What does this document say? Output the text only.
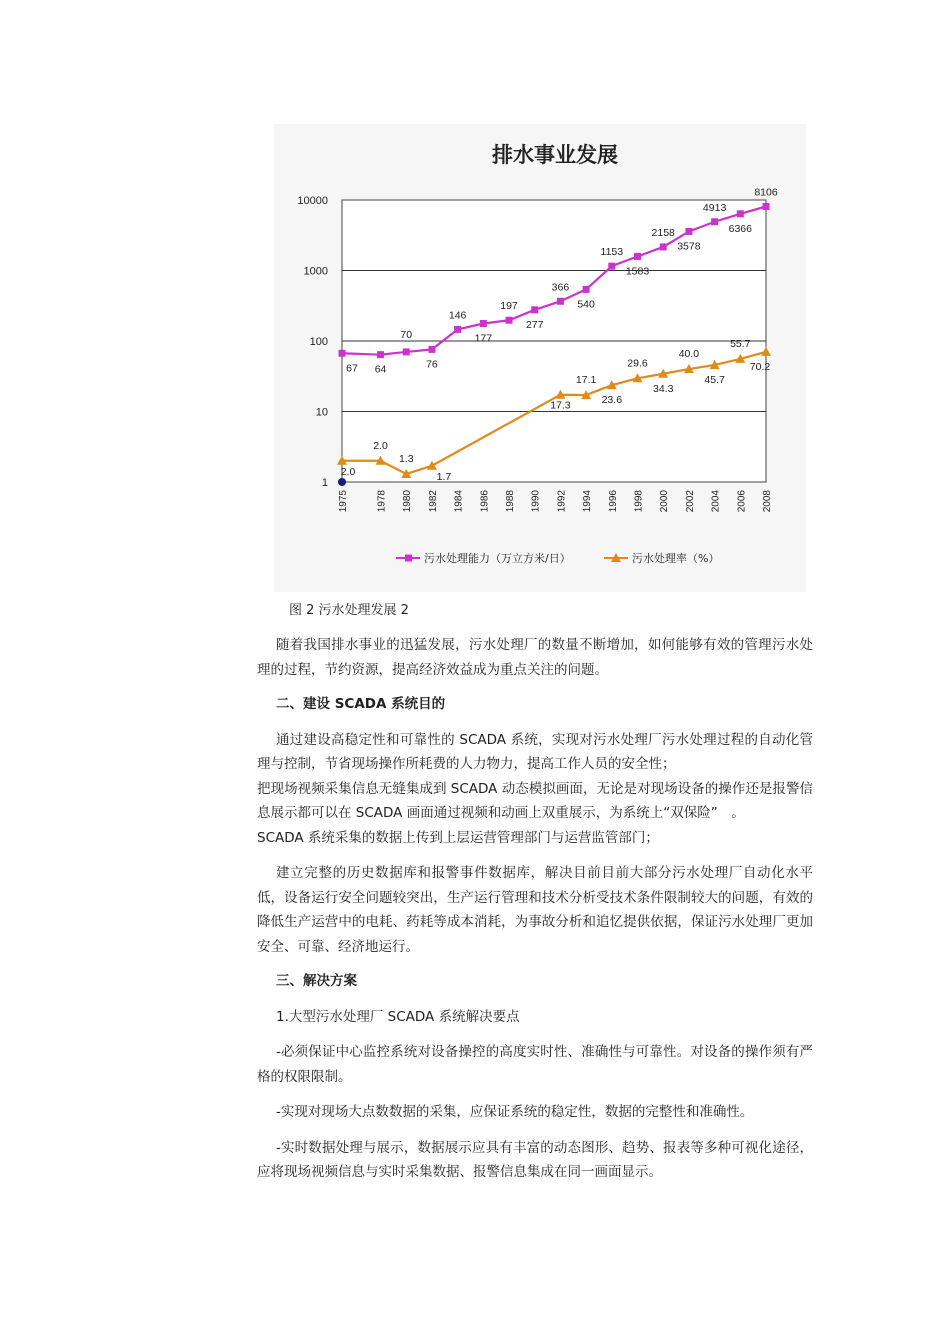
排水事业发展
10000
1000
100
10
1
1975	1978 1980 1982 1984 1986 1988 1990 1992 1994 1996 1998 2000 2002 2004 2006 2008
67 64
70
76
146
177
197
277
366
540
1153
1583
2158
3578
4913
6366
8106
2.0
2.0
1.3
1.7
17.3
17.1
23.6
29.6
34.3
40.0
45.7
55.7
70.2
污水处理能力（万立方米/日）	污水处理率（%）
图 2 污水处理发展 2

随着我国排水事业的迅猛发展，污水处理厂的数量不断增加，如何能够有效的管理污水处理的过程，节约资源，提高经济效益成为重点关注的问题。

二、建设 SCADA 系统目的

通过建设高稳定性和可靠性的 SCADA 系统，实现对污水处理厂污水处理过程的自动化管理与控制，节省现场操作所耗费的人力物力，提高工作人员的安全性；

把现场视频采集信息无缝集成到 SCADA 动态模拟画面，无论是对现场设备的操作还是报警信息展示都可以在 SCADA 画面通过视频和动画上双重展示，为系统上“双保险”　。

SCADA 系统采集的数据上传到上层运营管理部门与运营监管部门；

建立完整的历史数据库和报警事件数据库，解决目前目前大部分污水处理厂自动化水平低，设备运行安全问题较突出，生产运行管理和技术分析受技术条件限制较大的问题，有效的降低生产运营中的电耗、药耗等成本消耗，为事故分析和追忆提供依据，保证污水处理厂更加安全、可靠、经济地运行。

三、解决方案

1.大型污水处理厂 SCADA 系统解决要点

-必须保证中心监控系统对设备操控的高度实时性、准确性与可靠性。对设备的操作须有严格的权限限制。

-实现对现场大点数数据的采集，应保证系统的稳定性，数据的完整性和准确性。

-实时数据处理与展示，数据展示应具有丰富的动态图形、趋势、报表等多种可视化途径，应将现场视频信息与实时采集数据、报警信息集成在同一画面显示。
